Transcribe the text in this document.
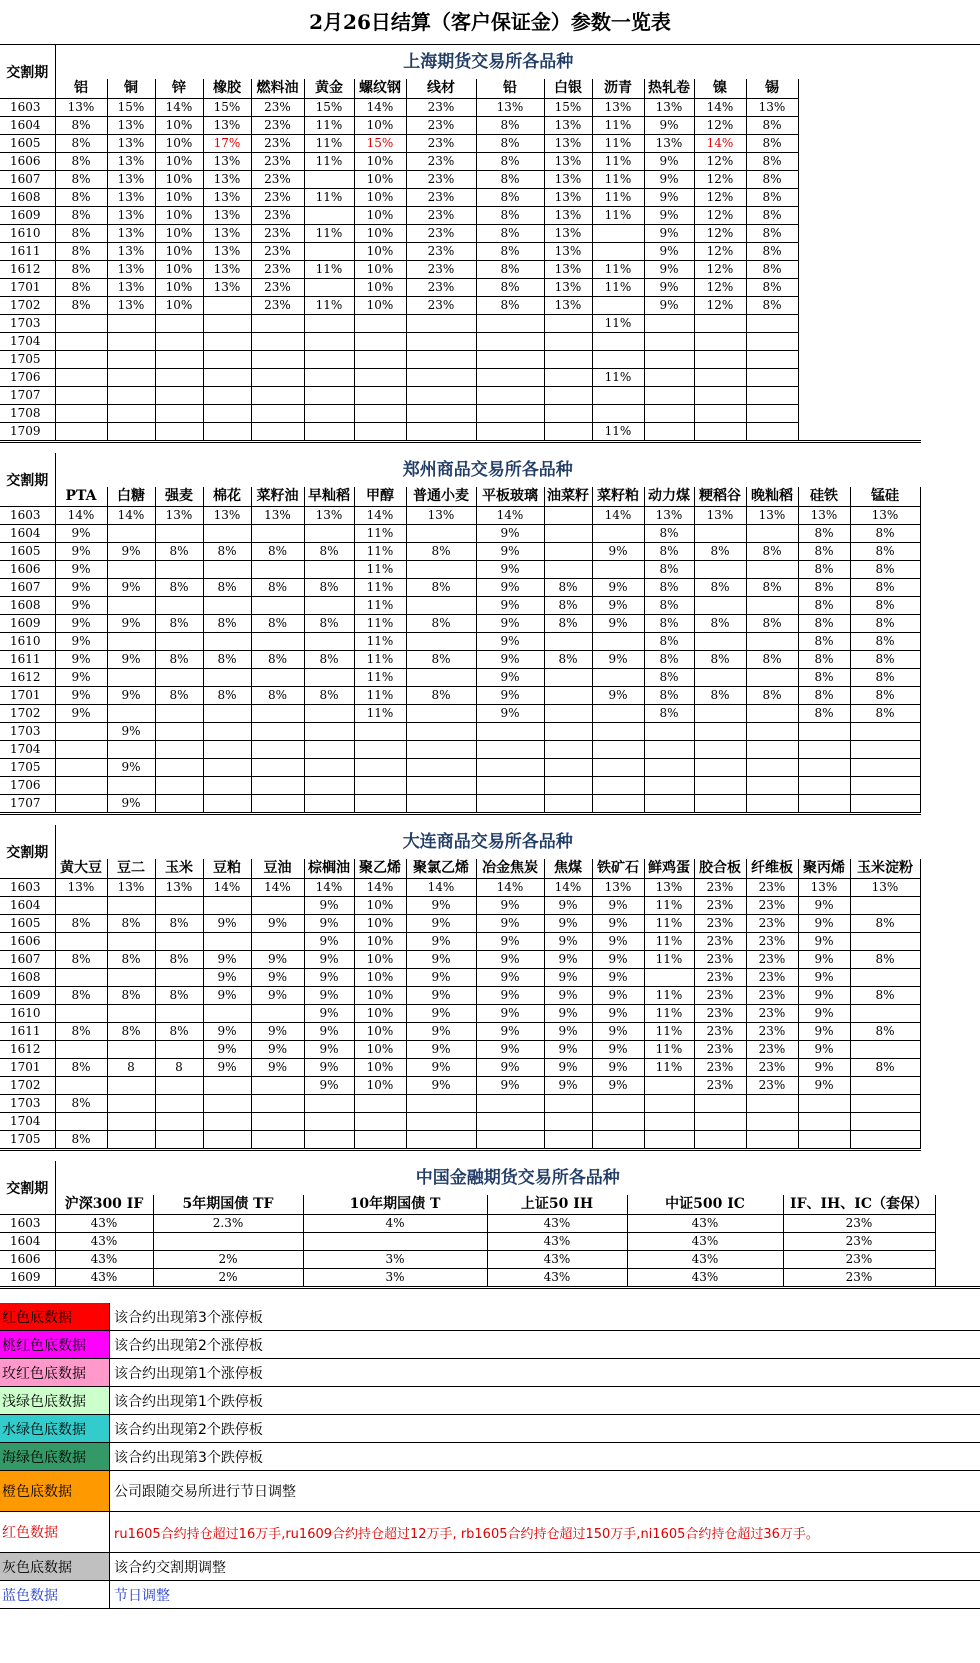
2月26日结算（客户保证金）参数一览表
交割期	上海期货交易所各品种														
	铝	铜	锌	橡胶	燃料油	黄金	螺纹钢	线材	铅	白银	沥青	热轧卷	镍	锡	
1603	13%	15%	14%	15%	23%	15%	14%	23%	13%	15%	13%	13%	14%	13%	
1604	8%	13%	10%	13%	23%	11%	10%	23%	8%	13%	11%	9%	12%	8%	
1605	8%	13%	10%	17%	23%	11%	15%	23%	8%	13%	11%	13%	14%	8%	
1606	8%	13%	10%	13%	23%	11%	10%	23%	8%	13%	11%	9%	12%	8%	
1607	8%	13%	10%	13%	23%		10%	23%	8%	13%	11%	9%	12%	8%	
1608	8%	13%	10%	13%	23%	11%	10%	23%	8%	13%	11%	9%	12%	8%	
1609	8%	13%	10%	13%	23%		10%	23%	8%	13%	11%	9%	12%	8%	
1610	8%	13%	10%	13%	23%	11%	10%	23%	8%	13%		9%	12%	8%	
1611	8%	13%	10%	13%	23%		10%	23%	8%	13%		9%	12%	8%	
1612	8%	13%	10%	13%	23%	11%	10%	23%	8%	13%	11%	9%	12%	8%	
1701	8%	13%	10%	13%	23%		10%	23%	8%	13%	11%	9%	12%	8%	
1702	8%	13%	10%		23%	11%	10%	23%	8%	13%		9%	12%	8%	
1703											11%				
1704															
1705															
1706											11%				
1707															
1708															
1709											11%				
交割期	郑州商品交易所各品种															
	PTA	白糖	强麦	棉花	菜籽油	早籼稻	甲醇	普通小麦	平板玻璃	油菜籽	菜籽粕	动力煤	粳稻谷	晚籼稻	硅铁	锰硅
1603	14%	14%	13%	13%	13%	13%	14%	13%	14%		14%	13%	13%	13%	13%	13%
1604	9%						11%		9%			8%			8%	8%
1605	9%	9%	8%	8%	8%	8%	11%	8%	9%		9%	8%	8%	8%	8%	8%
1606	9%						11%		9%			8%			8%	8%
1607	9%	9%	8%	8%	8%	8%	11%	8%	9%	8%	9%	8%	8%	8%	8%	8%
1608	9%						11%		9%	8%	9%	8%			8%	8%
1609	9%	9%	8%	8%	8%	8%	11%	8%	9%	8%	9%	8%	8%	8%	8%	8%
1610	9%						11%		9%			8%			8%	8%
1611	9%	9%	8%	8%	8%	8%	11%	8%	9%	8%	9%	8%	8%	8%	8%	8%
1612	9%						11%		9%			8%			8%	8%
1701	9%	9%	8%	8%	8%	8%	11%	8%	9%		9%	8%	8%	8%	8%	8%
1702	9%						11%		9%			8%			8%	8%
1703		9%														
1704																
1705		9%														
1706																
1707		9%														
交割期	大连商品交易所各品种															
	黄大豆	豆二	玉米	豆粕	豆油	棕榈油	聚乙烯	聚氯乙烯	冶金焦炭	焦煤	铁矿石	鲜鸡蛋	胶合板	纤维板	聚丙烯	玉米淀粉
1603	13%	13%	13%	14%	14%	14%	14%	14%	14%	14%	13%	13%	23%	23%	13%	13%
1604						9%	10%	9%	9%	9%	9%	11%	23%	23%	9%	
1605	8%	8%	8%	9%	9%	9%	10%	9%	9%	9%	9%	11%	23%	23%	9%	8%
1606						9%	10%	9%	9%	9%	9%	11%	23%	23%	9%	
1607	8%	8%	8%	9%	9%	9%	10%	9%	9%	9%	9%	11%	23%	23%	9%	8%
1608				9%	9%	9%	10%	9%	9%	9%	9%		23%	23%	9%	
1609	8%	8%	8%	9%	9%	9%	10%	9%	9%	9%	9%	11%	23%	23%	9%	8%
1610						9%	10%	9%	9%	9%	9%	11%	23%	23%	9%	
1611	8%	8%	8%	9%	9%	9%	10%	9%	9%	9%	9%	11%	23%	23%	9%	8%
1612				9%	9%	9%	10%	9%	9%	9%	9%	11%	23%	23%	9%	
1701	8%	8	8	9%	9%	9%	10%	9%	9%	9%	9%	11%	23%	23%	9%	8%
1702						9%	10%	9%	9%	9%	9%		23%	23%	9%	
1703	8%															
1704																
1705	8%															
交割期	中国金融期货交易所各品种						
	沪深300 IF	5年期国债 TF	10年期国债 T	上证50 IH	中证500 IC	IF、IH、IC（套保）	
1603	43%	2.3%	4%	43%	43%	23%	
1604	43%			43%	43%	23%	
1606	43%	2%	3%	43%	43%	23%	
1609	43%	2%	3%	43%	43%	23%	
红色底数据	该合约出现第3个涨停板
桃红色底数据	该合约出现第2个涨停板
玫红色底数据	该合约出现第1个涨停板
浅绿色底数据	该合约出现第1个跌停板
水绿色底数据	该合约出现第2个跌停板
海绿色底数据	该合约出现第3个跌停板
橙色底数据	公司跟随交易所进行节日调整
红色数据	ru1605合约持仓超过16万手,ru1609合约持仓超过12万手, rb1605合约持仓超过150万手,ni1605合约持仓超过36万手。
灰色底数据	该合约交割期调整
蓝色数据	节日调整
